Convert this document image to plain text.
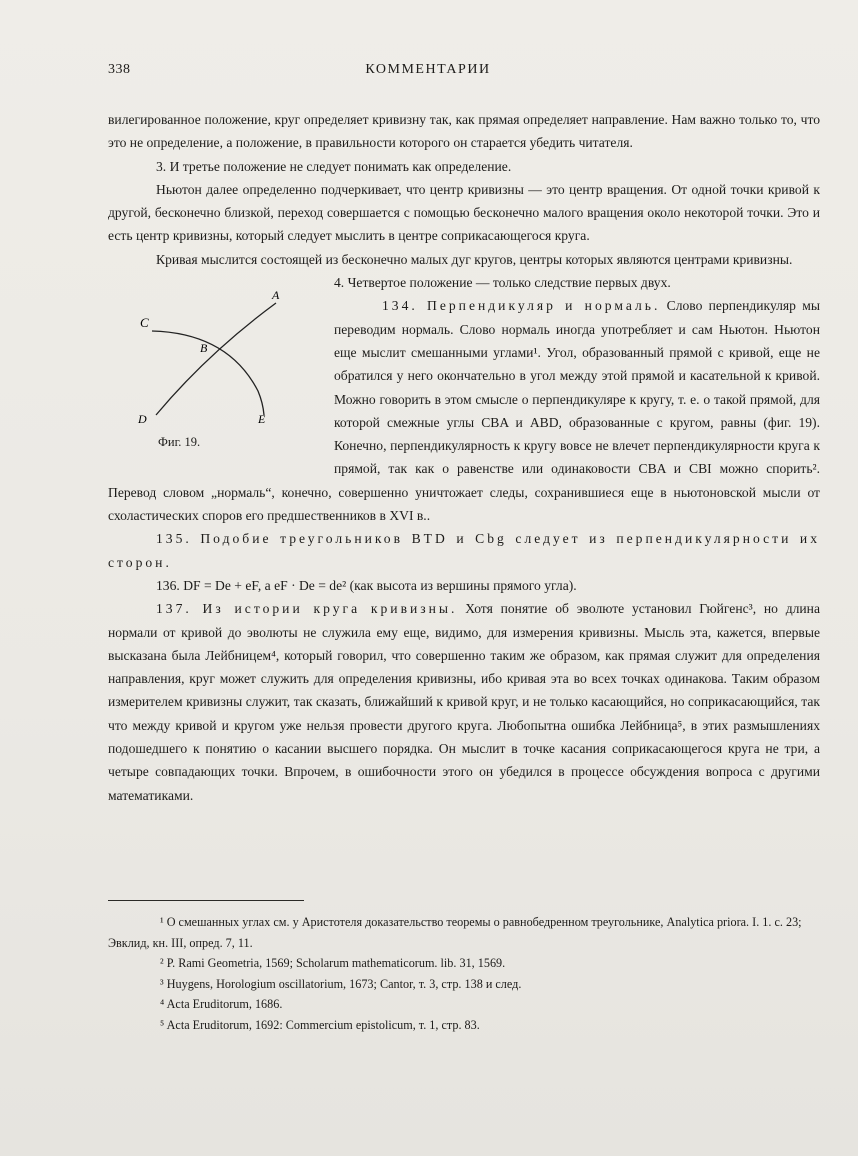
338	КОММЕНТАРИИ

вилегированное положение, круг определяет кривизну так, как прямая определяет направление. Нам важно только то, что это не определение, а положение, в правильности которого он старается убедить читателя.

3. И третье положение не следует понимать как определение.

Ньютон далее определенно подчеркивает, что центр кривизны — это центр вращения. От одной точки кривой к другой, бесконечно близкой, переход совершается с помощью бесконечно малого вращения около некоторой точки. Это и есть центр кривизны, который следует мыслить в центре соприкасающегося круга.

Кривая мыслится состоящей из бесконечно малых дуг кругов, центры которых являются центрами кривизны.

C
B
A
D	E
Фиг. 19.

4. Четвертое положение — только следствие первых двух.

134. Перпендикуляр и нормаль. Слово перпендикуляр мы переводим нормаль. Слово нормаль иногда употребляет и сам Ньютон. Ньютон еще мыслит смешанными углами¹. Угол, образованный прямой с кривой, еще не обратился у него окончательно в угол между этой прямой и касательной к кривой. Можно говорить в этом смысле о перпендикуляре к кругу, т. е. о такой прямой, для которой смежные углы CBA и ABD, образованные с кругом, равны (фиг. 19). Конечно, перпендикулярность к кругу вовсе не влечет перпендикулярности круга к прямой, так как о равенстве или одинаковости CBA и CBI можно спорить². Перевод словом „нормаль“, конечно, совершенно уничтожает следы, сохранившиеся еще в ньютоновской мысли от схоластических споров его предшественников в XVI в..

135. Подобие треугольников BTD и Cbg следует из перпендикулярности их сторон.

136. DF = De + eF, а eF · De = de² (как высота из вершины прямого угла).

137. Из истории круга кривизны. Хотя понятие об эволюте установил Гюйгенс³, но длина нормали от кривой до эволюты не служила ему еще, видимо, для измерения кривизны. Мысль эта, кажется, впервые высказана была Лейбницем⁴, который говорил, что совершенно таким же образом, как прямая служит для определения направления, круг может служить для определения кривизны, ибо кривая эта во всех точках одинакова. Таким образом измерителем кривизны служит, так сказать, ближайший к кривой круг, и не только касающийся, но соприкасающийся, так что между кривой и кругом уже нельзя провести другого круга. Любопытна ошибка Лейбница⁵, в этих размышлениях подошедшего к понятию о касании высшего порядка. Он мыслит в точке касания соприкасающегося круга не три, а четыре совпадающих точки. Впрочем, в ошибочности этого он убедился в процессе обсуждения вопроса с другими математиками.

¹ О смешанных углах см. у Аристотеля доказательство теоремы о равнобедренном треугольнике, Analytica priora. I. 1. с. 23; Эвклид, кн. III, опред. 7, 11.

² P. Rami Geometria, 1569; Scholarum mathematicorum. lib. 31, 1569.

³ Huygens, Horologium oscillatorium, 1673; Cantor, т. 3, стр. 138 и след.

⁴ Acta Eruditorum, 1686.

⁵ Acta Eruditorum, 1692: Commercium epistolicum, т. 1, стр. 83.
